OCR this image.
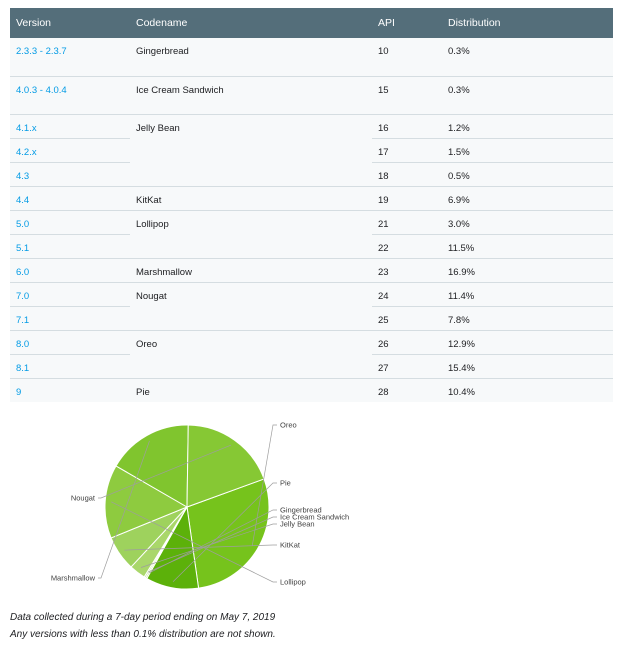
Version	Codename	API	Distribution

2.3.3 - 2.3.7	Gingerbread	10	0.3%

4.0.3 - 4.0.4	Ice Cream Sandwich	15	0.3%

4.1.x	Jelly Bean	16	1.2%

4.2.x		17	1.5%

4.3		18	0.5%

4.4	KitKat	19	6.9%

5.0	Lollipop	21	3.0%

5.1		22	11.5%

6.0	Marshmallow	23	16.9%

7.0	Nougat	24	11.4%

7.1		25	7.8%

8.0	Oreo	26	12.9%

8.1		27	15.4%

9	Pie	28	10.4%
Oreo
Pie
Gingerbread
Ice Cream Sandwich
Jelly Bean
KitKat
Lollipop
Marshmallow
Nougat
Data collected during a 7-day period ending on May 7, 2019
Any versions with less than 0.1% distribution are not shown.
